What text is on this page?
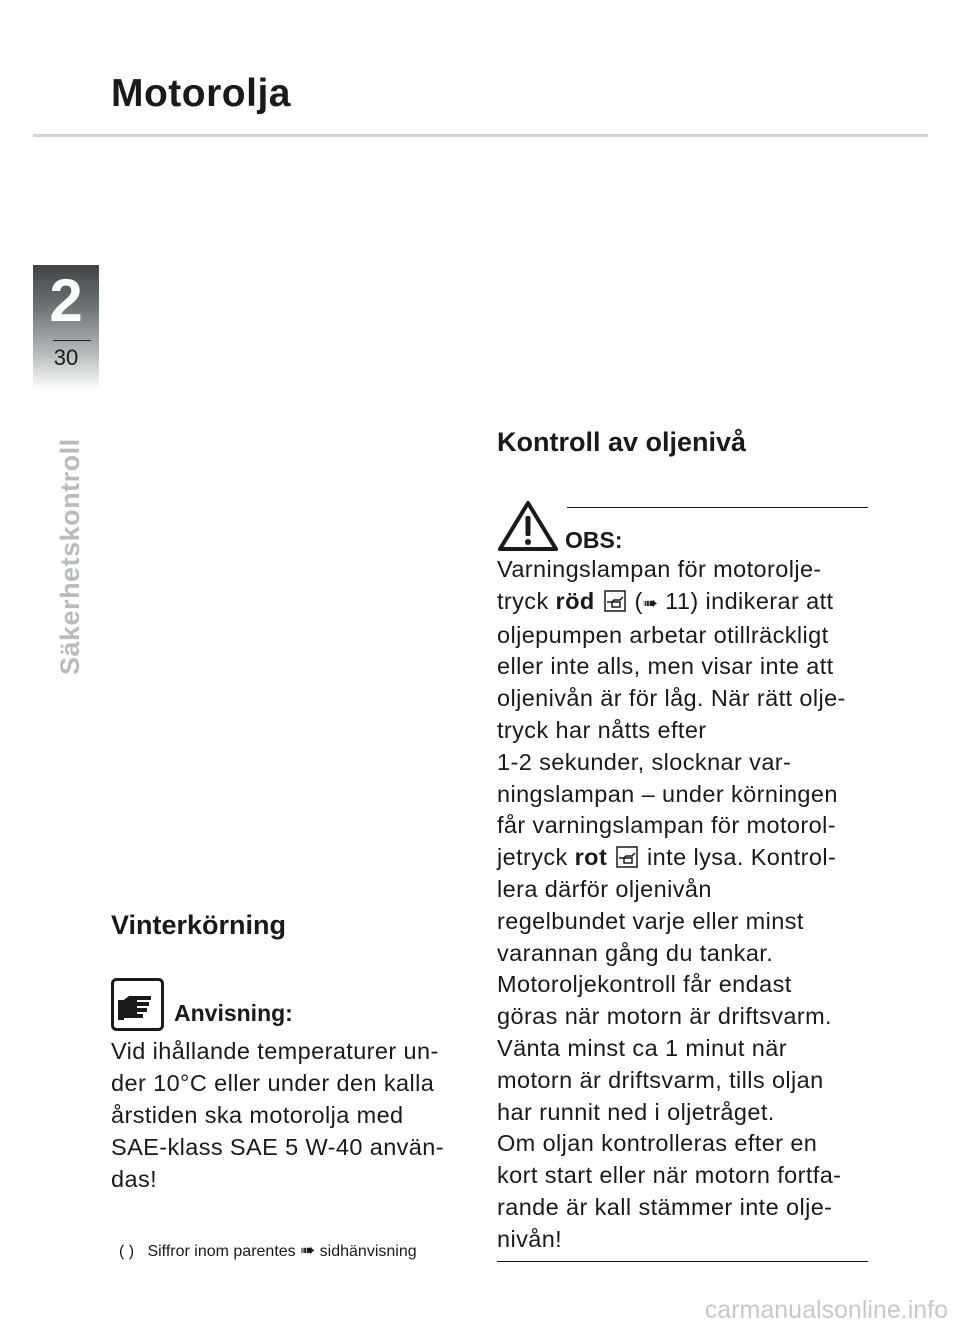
Motorolja
2
30
Säkerhetskontroll
Vinterkörning
Anvisning:
Vid ihållande temperaturer un-
der 10°C eller under den kalla
årstiden ska motorolja med
SAE-klass SAE 5 W-40 använ-
das!
( ) Siffror inom parentes ➠ sidhänvisning
Kontroll av oljenivå
OBS:
Varningslampan för motorolje-
tryck röd (➠ 11) indikerar att
oljepumpen arbetar otillräckligt
eller inte alls, men visar inte att
oljenivån är för låg. När rätt olje-
tryck har nåtts efter
1-2 sekunder, slocknar var-
ningslampan – under körningen
får varningslampan för motorol-
jetryck rot inte lysa. Kontrol-
lera därför oljenivån
regelbundet varje eller minst
varannan gång du tankar.
Motoroljekontroll får endast
göras när motorn är driftsvarm.
Vänta minst ca 1 minut när
motorn är driftsvarm, tills oljan
har runnit ned i oljetråget.
Om oljan kontrolleras efter en
kort start eller när motorn fortfa-
rande är kall stämmer inte olje-
nivån!
carmanualsonline.info
